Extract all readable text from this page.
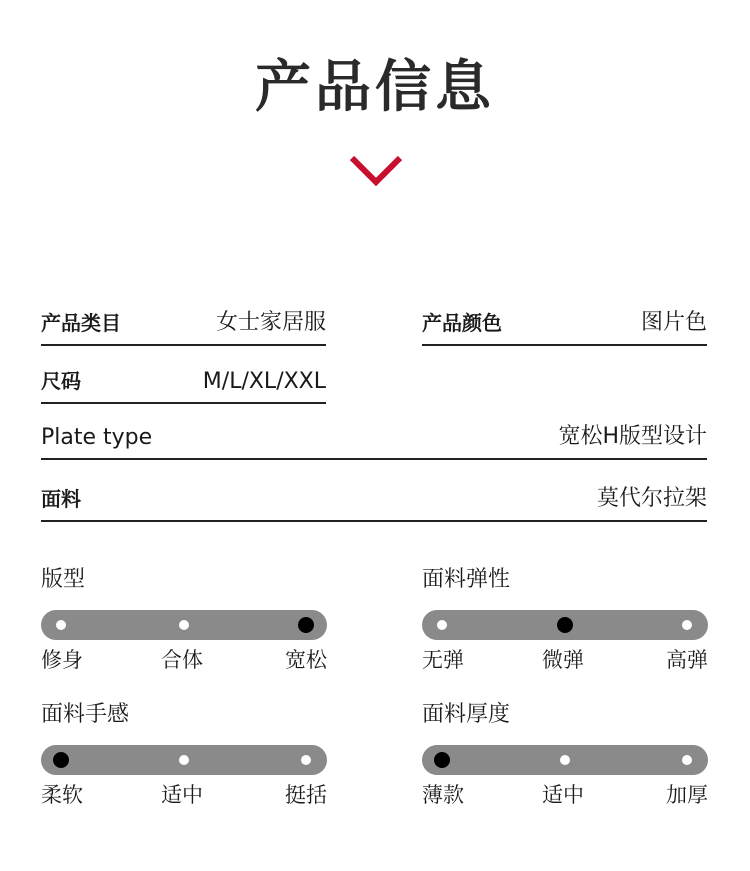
产品信息
产品类目	女士家居服	产品颜色	图片色
尺码	M/L/XL/XXL
Plate type	宽松H版型设计
面料	莫代尔拉架
版型
修身	合体	宽松
面料弹性
无弹	微弹	高弹
面料手感
柔软	适中	挺括
面料厚度
薄款	适中	加厚
